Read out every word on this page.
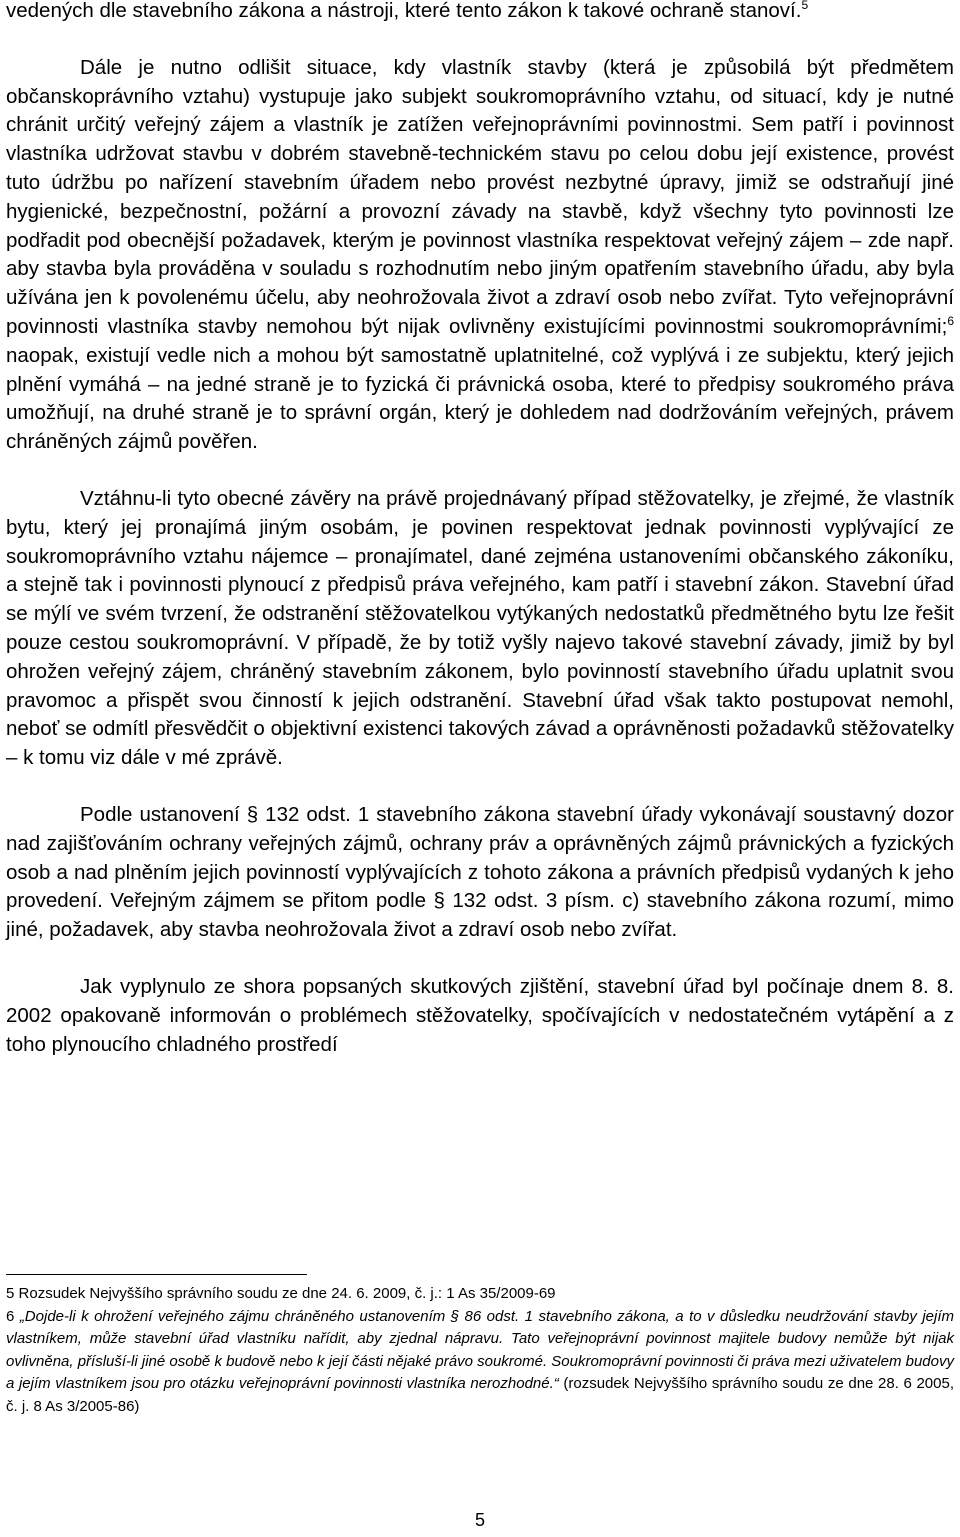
vedených dle stavebního zákona a nástroji, které tento zákon k takové ochraně stanoví.$^5$

Dále je nutno odlišit situace, kdy vlastník stavby (která je způsobilá být předmětem občanskoprávního vztahu) vystupuje jako subjekt soukromoprávního vztahu, od situací, kdy je nutné chránit určitý veřejný zájem a vlastník je zatížen veřejnoprávními povinnostmi. Sem patří i povinnost vlastníka udržovat stavbu v dobrém stavebně-technickém stavu po celou dobu její existence, provést tuto údržbu po nařízení stavebním úřadem nebo provést nezbytné úpravy, jimiž se odstraňují jiné hygienické, bezpečnostní, požární a provozní závady na stavbě, když všechny tyto povinnosti lze podřadit pod obecnější požadavek, kterým je povinnost vlastníka respektovat veřejný zájem – zde např. aby stavba byla prováděna v souladu s rozhodnutím nebo jiným opatřením stavebního úřadu, aby byla užívána jen k povolenému účelu, aby neohrožovala život a zdraví osob nebo zvířat. Tyto veřejnoprávní povinnosti vlastníka stavby nemohou být nijak ovlivněny existujícími povinnostmi soukromoprávními;$^6$ naopak, existují vedle nich a mohou být samostatně uplatnitelné, což vyplývá i ze subjektu, který jejich plnění vymáhá – na jedné straně je to fyzická či právnická osoba, které to předpisy soukromého práva umožňují, na druhé straně je to správní orgán, který je dohledem nad dodržováním veřejných, právem chráněných zájmů pověřen.

Vztáhnu-li tyto obecné závěry na právě projednávaný případ stěžovatelky, je zřejmé, že vlastník bytu, který jej pronajímá jiným osobám, je povinen respektovat jednak povinnosti vyplývající ze soukromoprávního vztahu nájemce – pronajímatel, dané zejména ustanoveními občanského zákoníku, a stejně tak i povinnosti plynoucí z předpisů práva veřejného, kam patří i stavební zákon. Stavební úřad se mýlí ve svém tvrzení, že odstranění stěžovatelkou vytýkaných nedostatků předmětného bytu lze řešit pouze cestou soukromoprávní. V případě, že by totiž vyšly najevo takové stavební závady, jimiž by byl ohrožen veřejný zájem, chráněný stavebním zákonem, bylo povinností stavebního úřadu uplatnit svou pravomoc a přispět svou činností k jejich odstranění. Stavební úřad však takto postupovat nemohl, neboť se odmítl přesvědčit o objektivní existenci takových závad a oprávněnosti požadavků stěžovatelky – k tomu viz dále v mé zprávě.

Podle ustanovení § 132 odst. 1 stavebního zákona stavební úřady vykonávají soustavný dozor nad zajišťováním ochrany veřejných zájmů, ochrany práv a oprávněných zájmů právnických a fyzických osob a nad plněním jejich povinností vyplývajících z tohoto zákona a právních předpisů vydaných k jeho provedení. Veřejným zájmem se přitom podle § 132 odst. 3 písm. c) stavebního zákona rozumí, mimo jiné, požadavek, aby stavba neohrožovala život a zdraví osob nebo zvířat.

Jak vyplynulo ze shora popsaných skutkových zjištění, stavební úřad byl počínaje dnem 8. 8. 2002 opakovaně informován o problémech stěžovatelky, spočívajících v nedostatečném vytápění a z toho plynoucího chladného prostředí

5 Rozsudek Nejvyššího správního soudu ze dne 24. 6. 2009, č. j.: 1 As 35/2009-69

6 „Dojde-li k ohrožení veřejného zájmu chráněného ustanovením § 86 odst. 1 stavebního zákona, a to v důsledku neudržování stavby jejím vlastníkem, může stavební úřad vlastníku nařídit, aby zjednal nápravu. Tato veřejnoprávní povinnost majitele budovy nemůže být nijak ovlivněna, přísluší-li jiné osobě k budově nebo k její části nějaké právo soukromé. Soukromoprávní povinnosti či práva mezi uživatelem budovy a jejím vlastníkem jsou pro otázku veřejnoprávní povinnosti vlastníka nerozhodné.“ (rozsudek Nejvyššího správního soudu ze dne 28. 6 2005, č. j. 8 As 3/2005-86)

5
